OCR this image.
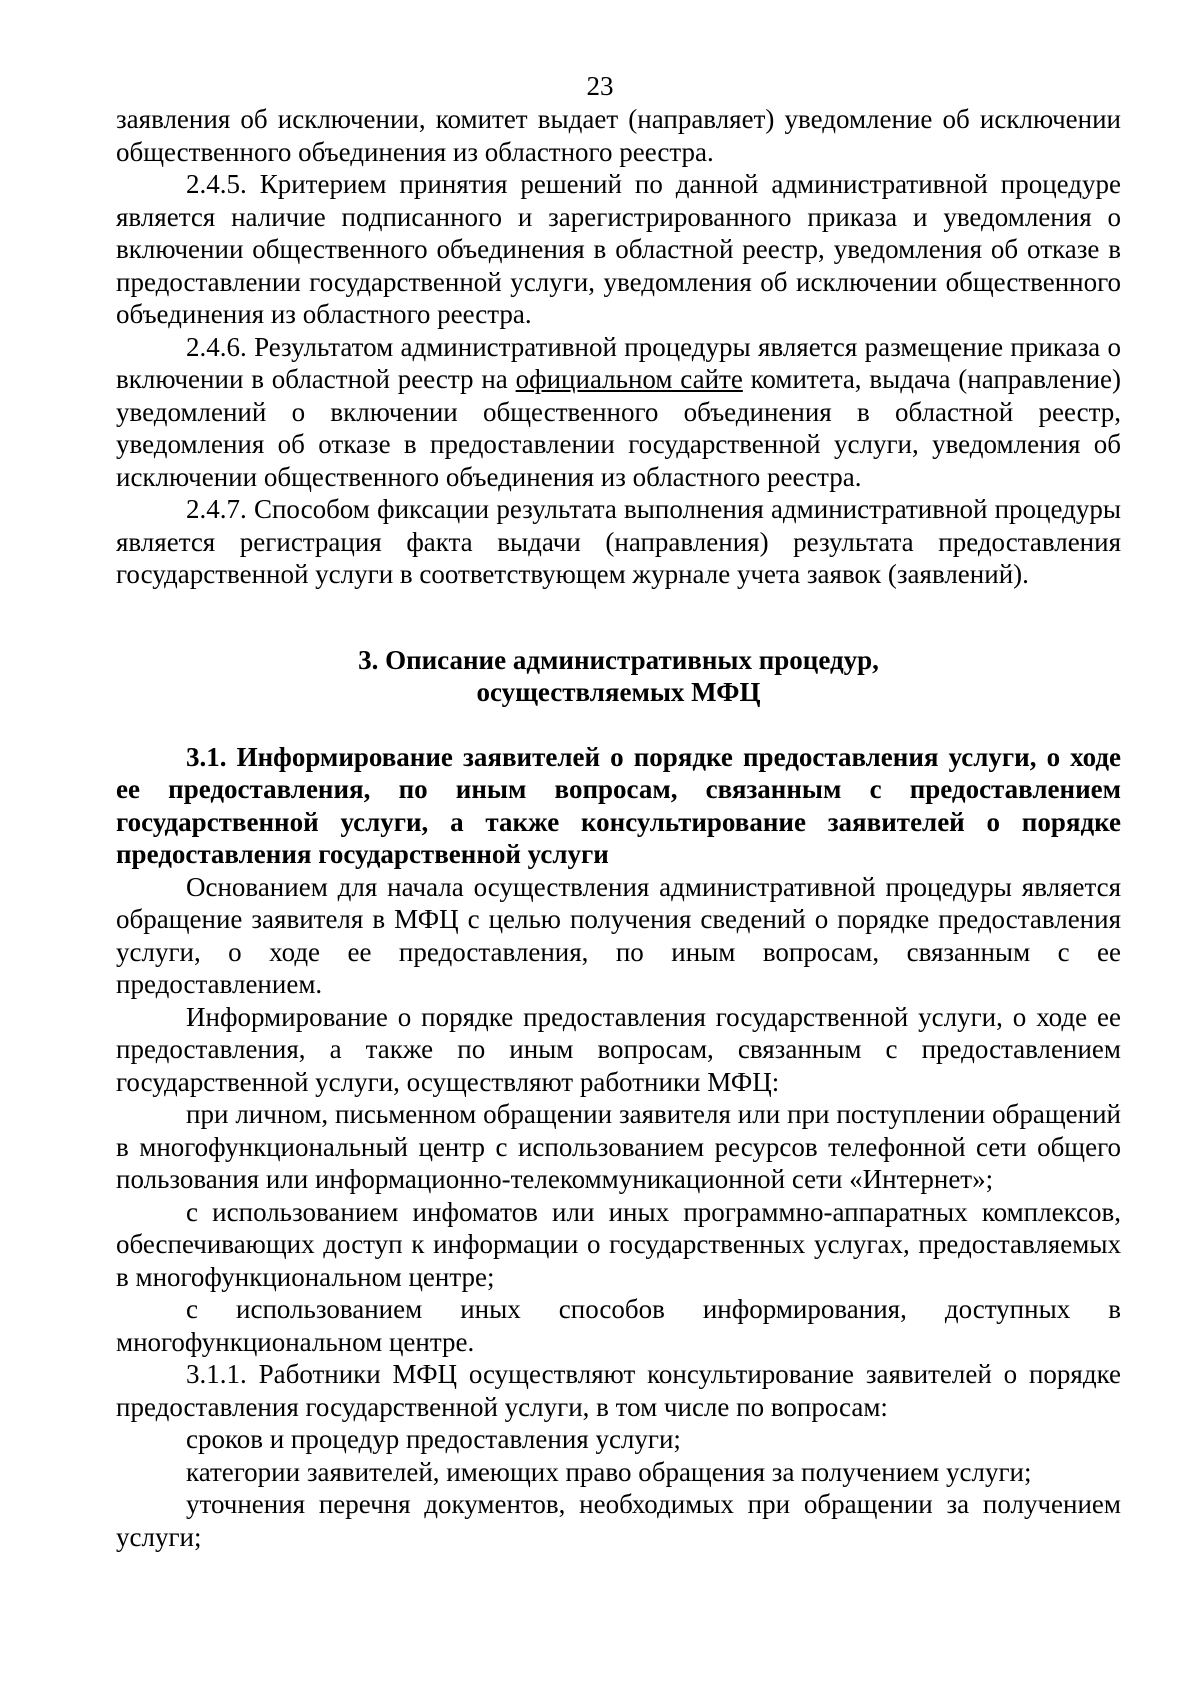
23

заявления об исключении, комитет выдает (направляет) уведомление об исключении общественного объединения из областного реестра.

2.4.5. Критерием принятия решений по данной административной процедуре является наличие подписанного и зарегистрированного приказа и уведомления о включении общественного объединения в областной реестр, уведомления об отказе в предоставлении государственной услуги, уведомления об исключении общественного объединения из областного реестра.

2.4.6. Результатом административной процедуры является размещение приказа о включении в областной реестр на официальном сайте комитета, выдача (направление) уведомлений о включении общественного объединения в областной реестр, уведомления об отказе в предоставлении государственной услуги, уведомления об исключении общественного объединения из областного реестра.

2.4.7. Способом фиксации результата выполнения административной процедуры является регистрация факта выдачи (направления) результата предоставления государственной услуги в соответствующем журнале учета заявок (заявлений).

3. Описание административных процедур,
осуществляемых МФЦ

3.1. Информирование заявителей о порядке предоставления услуги, о ходе ее предоставления, по иным вопросам, связанным с предоставлением государственной услуги, а также консультирование заявителей о порядке предоставления государственной услуги

Основанием для начала осуществления административной процедуры является обращение заявителя в МФЦ с целью получения сведений о порядке предоставления услуги, о ходе ее предоставления, по иным вопросам, связанным с ее предоставлением.

Информирование о порядке предоставления государственной услуги, о ходе ее предоставления, а также по иным вопросам, связанным с предоставлением государственной услуги, осуществляют работники МФЦ:

при личном, письменном обращении заявителя или при поступлении обращений в многофункциональный центр с использованием ресурсов телефонной сети общего пользования или информационно-телекоммуникационной сети «Интернет»;

с использованием инфоматов или иных программно-аппаратных комплексов, обеспечивающих доступ к информации о государственных услугах, предоставляемых в многофункциональном центре;

с использованием иных способов информирования, доступных в многофункциональном центре.

3.1.1. Работники МФЦ осуществляют консультирование заявителей о порядке предоставления государственной услуги, в том числе по вопросам:

сроков и процедур предоставления услуги;

категории заявителей, имеющих право обращения за получением услуги;

уточнения перечня документов, необходимых при обращении за получением услуги;
